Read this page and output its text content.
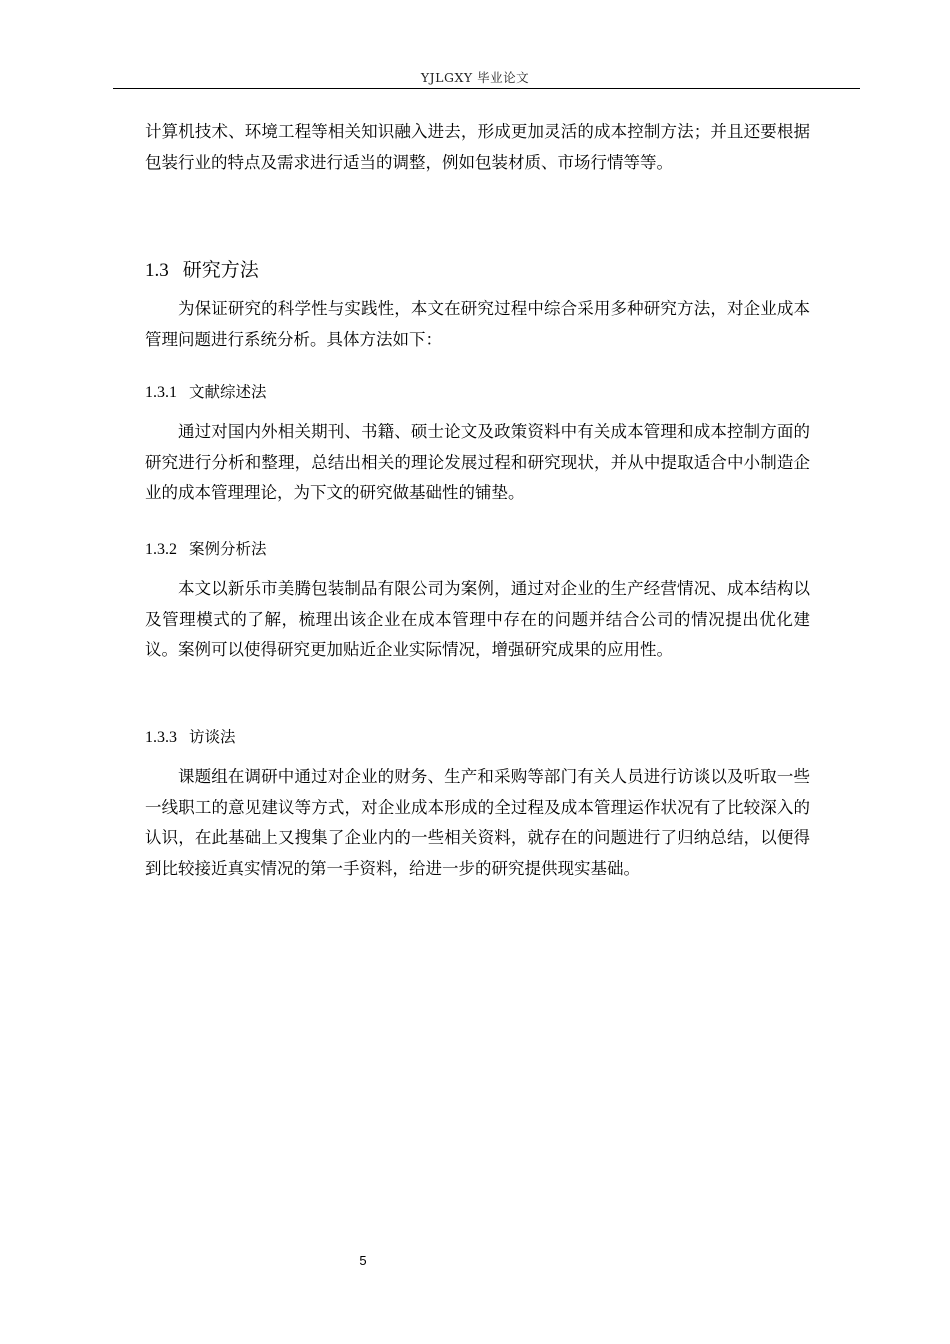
YJLGXY 毕业论文

计算机技术、环境工程等相关知识融入进去，形成更加灵活的成本控制方法；并且还要根据包装行业的特点及需求进行适当的调整，例如包装材质、市场行情等等。

1.3 研究方法

为保证研究的科学性与实践性，本文在研究过程中综合采用多种研究方法，对企业成本管理问题进行系统分析。具体方法如下：

1.3.1 文献综述法

通过对国内外相关期刊、书籍、硕士论文及政策资料中有关成本管理和成本控制方面的研究进行分析和整理，总结出相关的理论发展过程和研究现状，并从中提取适合中小制造企业的成本管理理论，为下文的研究做基础性的铺垫。

1.3.2 案例分析法

本文以新乐市美腾包装制品有限公司为案例，通过对企业的生产经营情况、成本结构以及管理模式的了解，梳理出该企业在成本管理中存在的问题并结合公司的情况提出优化建议。案例可以使得研究更加贴近企业实际情况，增强研究成果的应用性。

1.3.3 访谈法

课题组在调研中通过对企业的财务、生产和采购等部门有关人员进行访谈以及听取一些一线职工的意见建议等方式，对企业成本形成的全过程及成本管理运作状况有了比较深入的认识，在此基础上又搜集了企业内的一些相关资料，就存在的问题进行了归纳总结，以便得到比较接近真实情况的第一手资料，给进一步的研究提供现实基础。

5
